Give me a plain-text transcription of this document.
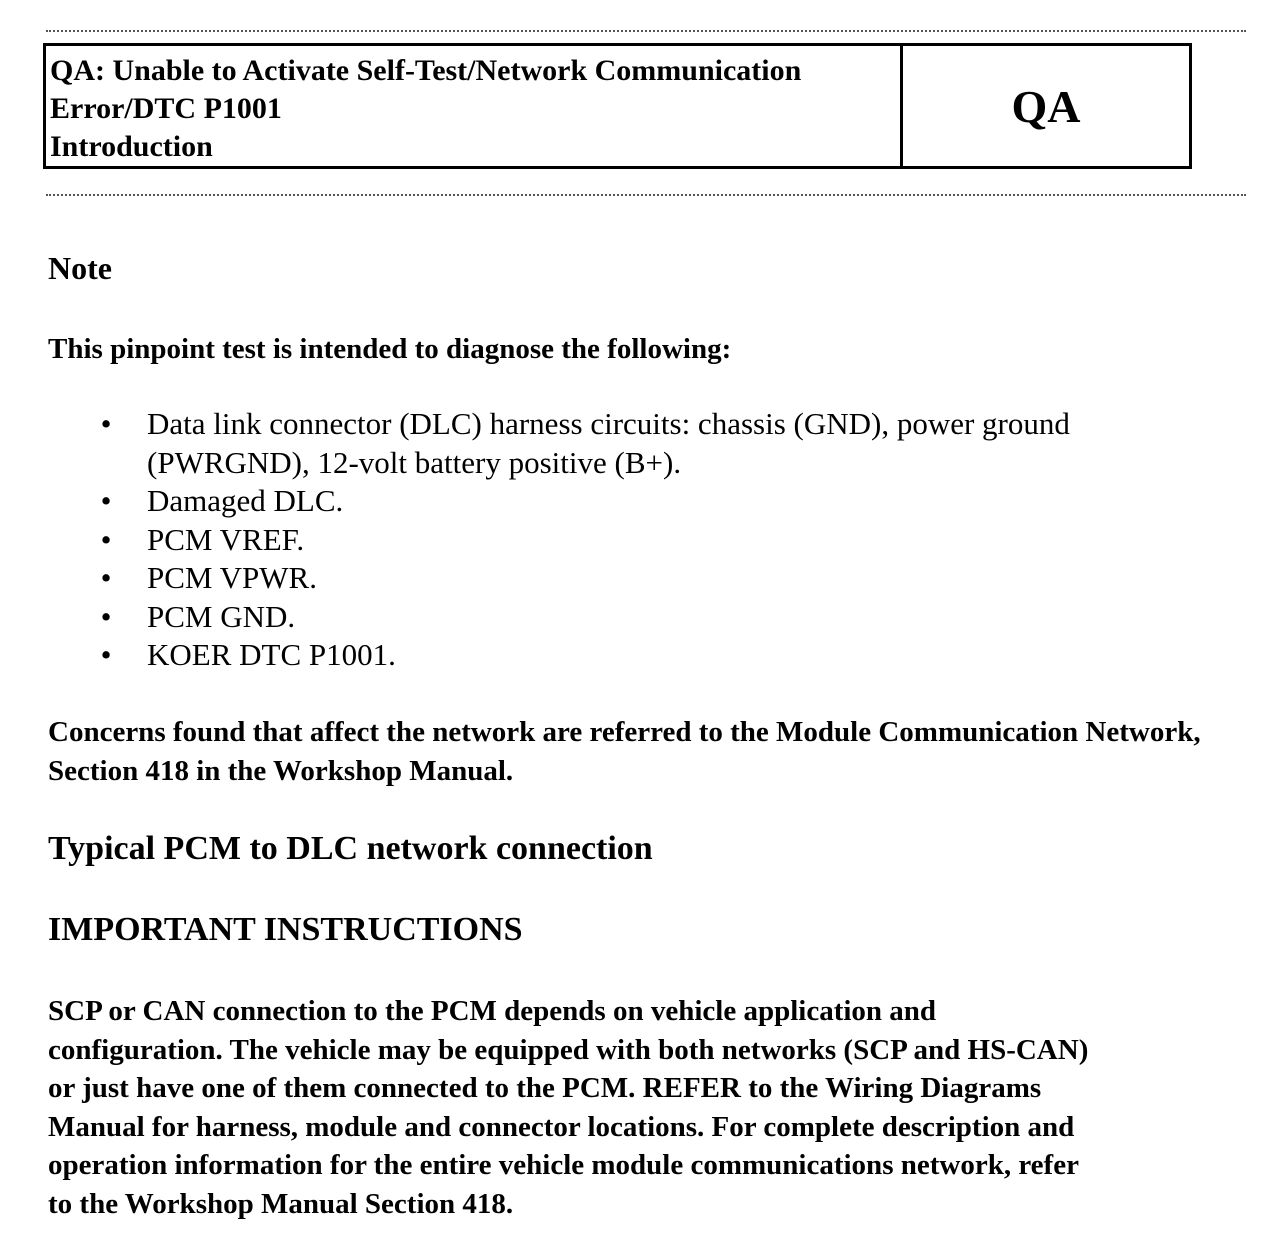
QA: Unable to Activate Self-Test/Network Communication
Error/DTC P1001
Introduction
QA
Note
This pinpoint test is intended to diagnose the following:
• Data link connector (DLC) harness circuits: chassis (GND), power ground (PWRGND), 12-volt battery positive (B+).
• Damaged DLC.
• PCM VREF.
• PCM VPWR.
• PCM GND.
• KOER DTC P1001.
Concerns found that affect the network are referred to the Module Communication Network, Section 418 in the Workshop Manual.
Typical PCM to DLC network connection
IMPORTANT INSTRUCTIONS
SCP or CAN connection to the PCM depends on vehicle application and
configuration. The vehicle may be equipped with both networks (SCP and HS-CAN)
or just have one of them connected to the PCM. REFER to the Wiring Diagrams
Manual for harness, module and connector locations. For complete description and
operation information for the entire vehicle module communications network, refer
to the Workshop Manual Section 418.
